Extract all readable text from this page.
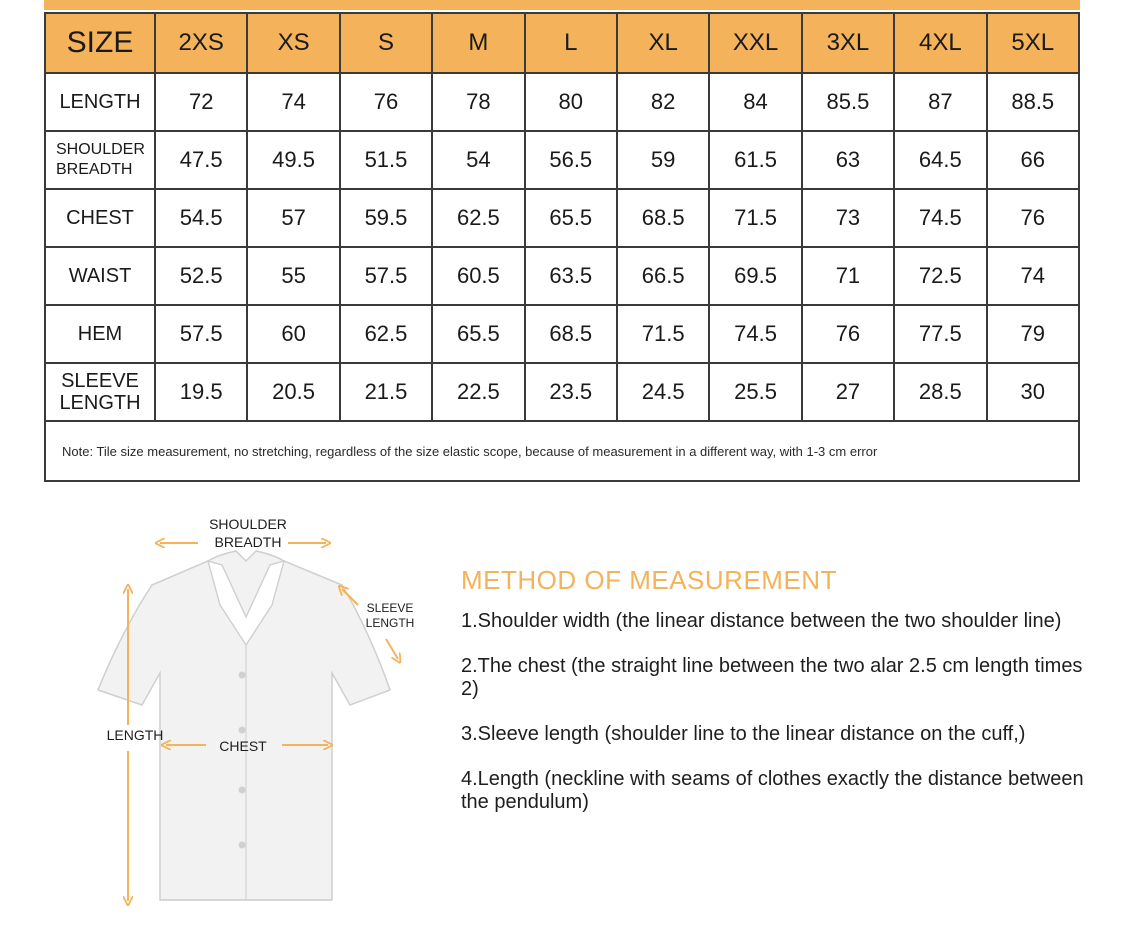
SIZE	2XS	XS	S	M	L	XL	XXL	3XL	4XL	5XL
LENGTH	72	74	76	78	80	82	84	85.5	87	88.5
SHOULDER
BREADTH	47.5	49.5	51.5	54	56.5	59	61.5	63	64.5	66
CHEST	54.5	57	59.5	62.5	65.5	68.5	71.5	73	74.5	76
WAIST	52.5	55	57.5	60.5	63.5	66.5	69.5	71	72.5	74
HEM	57.5	60	62.5	65.5	68.5	71.5	74.5	76	77.5	79
SLEEVE
LENGTH	19.5	20.5	21.5	22.5	23.5	24.5	25.5	27	28.5	30
Note: Tile size measurement, no stretching, regardless of the size elastic scope, because of measurement in a different way, with 1-3 cm error										
SHOULDER
BREADTH
SLEEVE
LENGTH
LENGTH
CHEST
METHOD OF MEASUREMENT
1.Shoulder width (the linear distance between the two shoulder line)
2.The chest (the straight line between the two alar 2.5 cm length times 2)
3.Sleeve length (shoulder line to the linear distance on the cuff,)
4.Length (neckline with seams of clothes exactly the distance between the pendulum)
